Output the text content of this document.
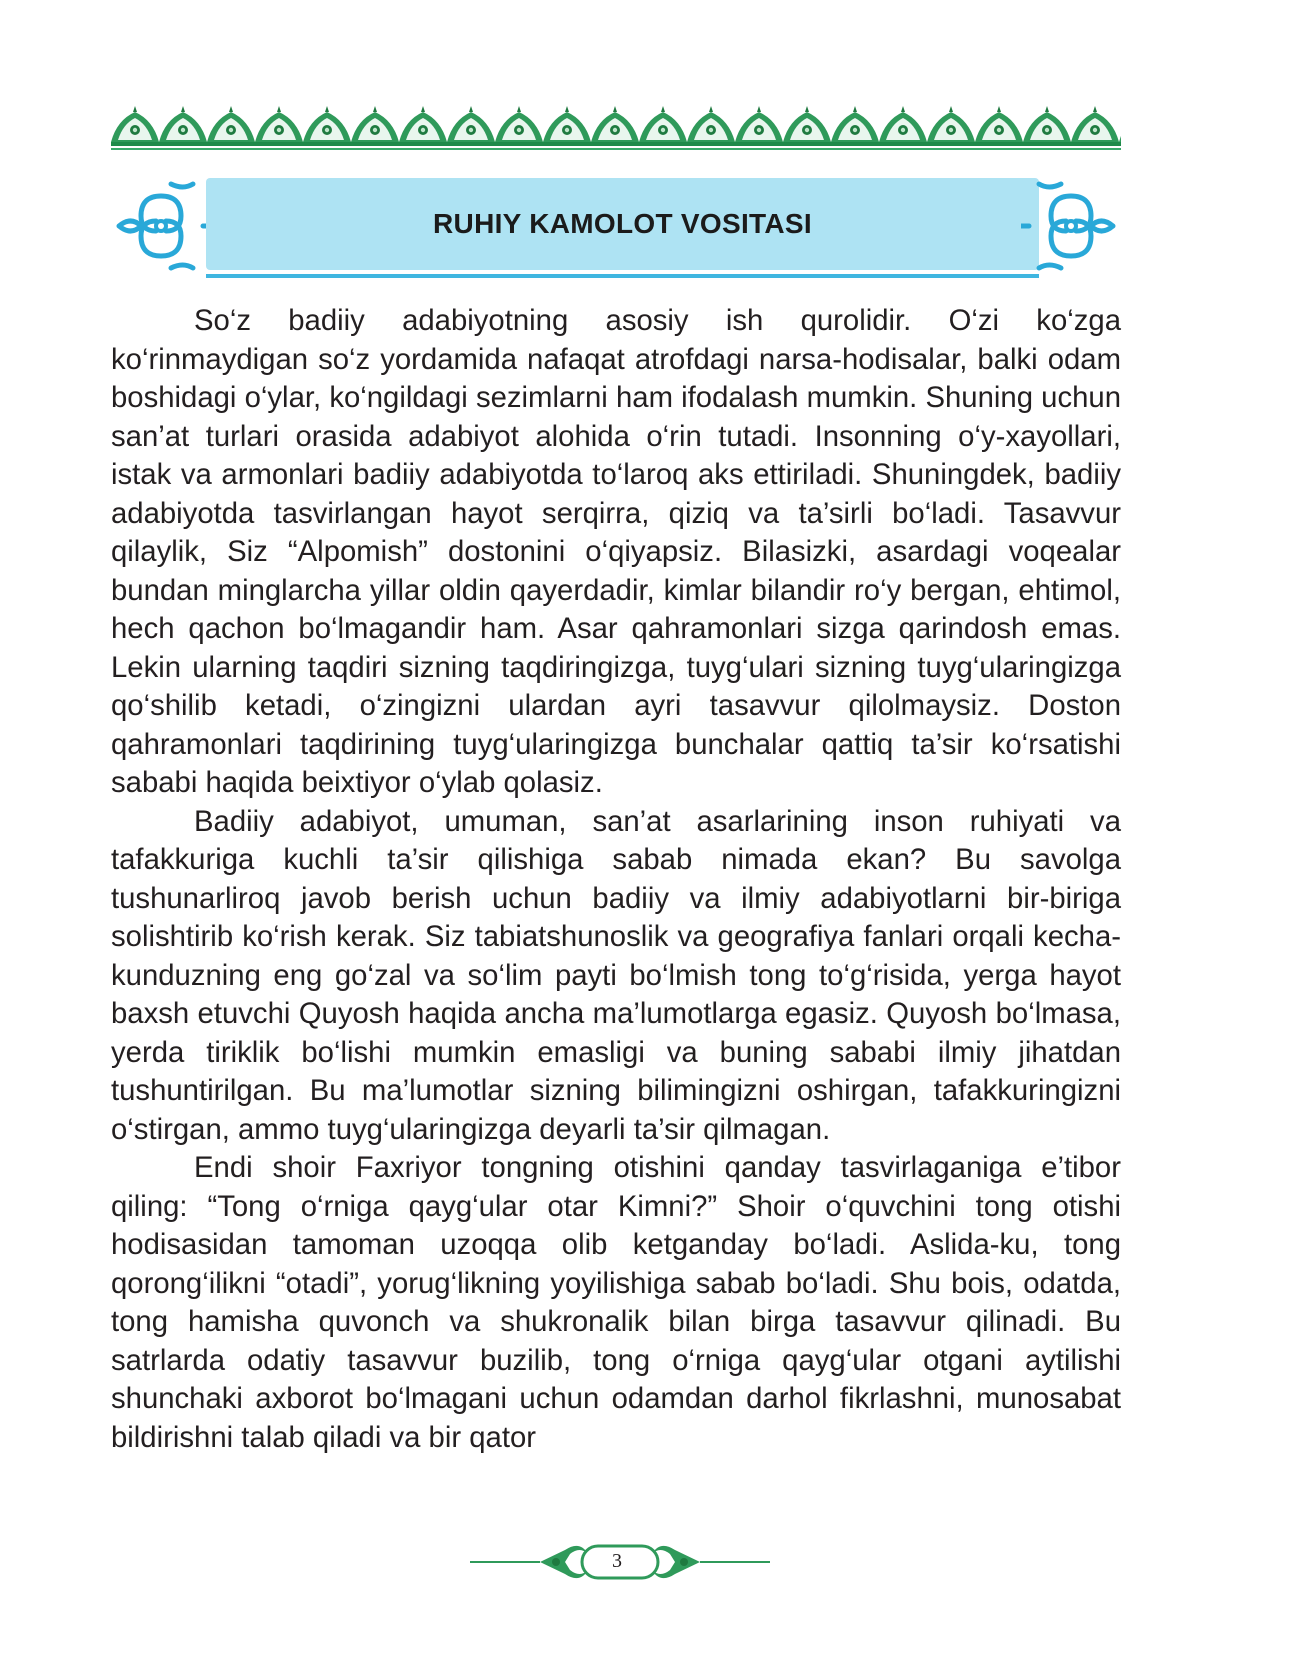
RUHIY KAMOLOT VOSITASI

So‘z badiiy adabiyotning asosiy ish qurolidir. O‘zi ko‘zga ko‘rinmaydigan so‘z yordamida nafaqat atrofdagi narsa-hodisalar, balki odam boshidagi o‘ylar, ko‘ngildagi sezimlarni ham ifodalash mumkin. Shuning uchun san’at turlari orasida adabiyot alohida o‘rin tutadi. Insonning o‘y-xayollari, istak va armonlari badiiy adabiyotda to‘laroq aks ettiriladi. Shuningdek, badiiy adabiyotda tasvirlangan hayot serqirra, qiziq va ta’sirli bo‘ladi. Tasavvur qilaylik, Siz “Alpomish” dostonini o‘qiyapsiz. Bilasizki, asardagi voqealar bundan minglarcha yillar oldin qayerdadir, kimlar bilandir ro‘y bergan, ehtimol, hech qachon bo‘lmagandir ham. Asar qahramonlari sizga qarindosh emas. Lekin ularning taqdiri sizning taqdiringizga, tuyg‘ulari sizning tuyg‘ularingizga qo‘shilib ketadi, o‘zingizni ulardan ayri tasavvur qilolmaysiz. Doston qahramonlari taqdirining tuyg‘ularingizga bunchalar qattiq ta’sir ko‘rsatishi sababi haqida beixtiyor o‘ylab qolasiz.

Badiiy adabiyot, umuman, san’at asarlarining inson ruhiyati va tafakkuriga kuchli ta’sir qilishiga sabab nimada ekan? Bu savolga tushunarliroq javob berish uchun badiiy va ilmiy adabiyotlarni bir-biriga solishtirib ko‘rish kerak. Siz tabiatshunoslik va geografiya fanlari orqali kecha-kunduzning eng go‘zal va so‘lim payti bo‘lmish tong to‘g‘risida, yerga hayot baxsh etuvchi Quyosh haqida ancha ma’lumotlarga egasiz. Quyosh bo‘lmasa, yerda tiriklik bo‘lishi mumkin emasligi va buning sababi ilmiy jihatdan tushuntirilgan. Bu ma’lumotlar sizning bilimingizni oshirgan, tafakkuringizni o‘stirgan, ammo tuyg‘ularingizga deyarli ta’sir qilmagan.

Endi shoir Faxriyor tongning otishini qanday tasvirlaganiga e’tibor qiling: “Tong o‘rniga qayg‘ular otar Kimni?” Shoir o‘quvchini tong otishi hodisasidan tamoman uzoqqa olib ketganday bo‘ladi. Aslida-ku, tong qorong‘ilikni “otadi”, yorug‘likning yoyilishiga sabab bo‘ladi. Shu bois, odatda, tong hamisha quvonch va shukronalik bilan birga tasavvur qilinadi. Bu satrlarda odatiy tasavvur buzilib, tong o‘rniga qayg‘ular otgani aytilishi shunchaki axborot bo‘lmagani uchun odamdan darhol fikrlashni, munosabat bildirishni talab qiladi va bir qator

3
